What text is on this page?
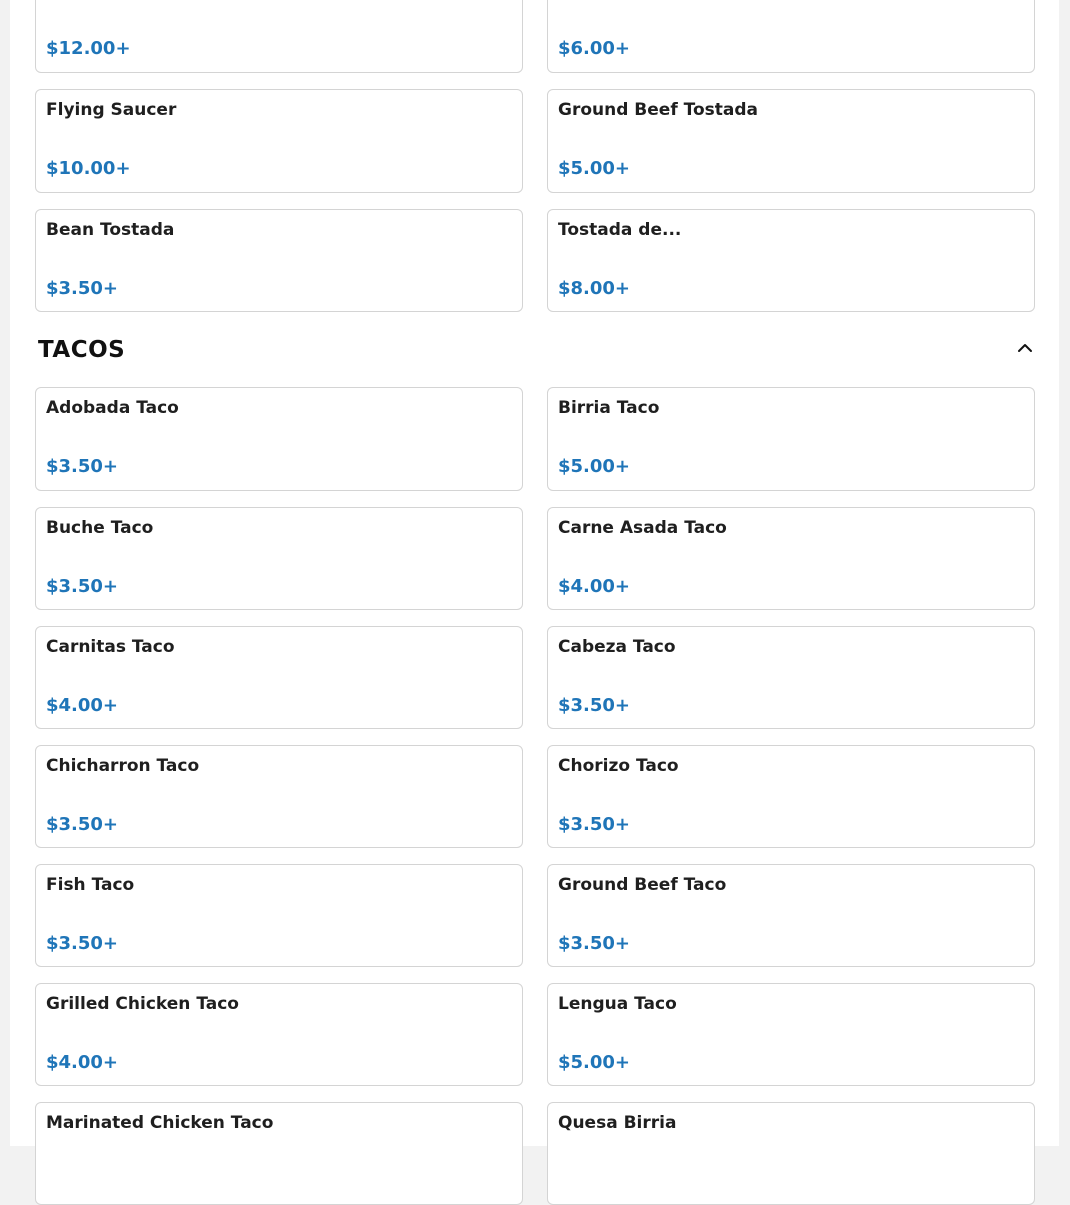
$12.00+	$6.00+
Flying Saucer
$10.00+
Ground Beef Tostada
$5.00+
Bean Tostada
$3.50+
Tostada de...
$8.00+
TACOS
Adobada Taco
$3.50+
Birria Taco
$5.00+
Buche Taco
$3.50+
Carne Asada Taco
$4.00+
Carnitas Taco
$4.00+
Cabeza Taco
$3.50+
Chicharron Taco
$3.50+
Chorizo Taco
$3.50+
Fish Taco
$3.50+
Ground Beef Taco
$3.50+
Grilled Chicken Taco
$4.00+
Lengua Taco
$5.00+
Marinated Chicken Taco	Quesa Birria
